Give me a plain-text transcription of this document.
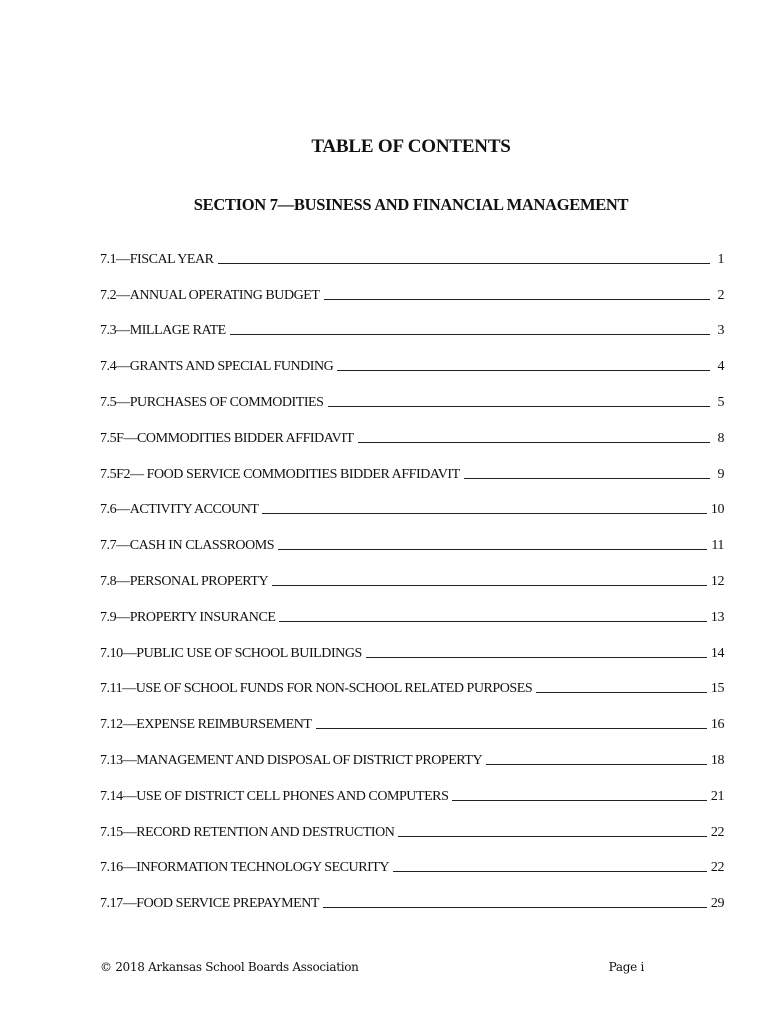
TABLE OF CONTENTS
SECTION 7—BUSINESS AND FINANCIAL MANAGEMENT
7.1—FISCAL YEAR	1
7.2—ANNUAL OPERATING BUDGET	2
7.3—MILLAGE RATE	3
7.4—GRANTS AND SPECIAL FUNDING	4
7.5—PURCHASES OF COMMODITIES	5
7.5F—COMMODITIES BIDDER AFFIDAVIT	8
7.5F2— FOOD SERVICE COMMODITIES BIDDER AFFIDAVIT	9
7.6—ACTIVITY ACCOUNT	10
7.7—CASH IN CLASSROOMS	11
7.8—PERSONAL PROPERTY	12
7.9—PROPERTY INSURANCE	13
7.10—PUBLIC USE OF SCHOOL BUILDINGS	14
7.11—USE OF SCHOOL FUNDS FOR NON-SCHOOL RELATED PURPOSES	15
7.12—EXPENSE REIMBURSEMENT	16
7.13—MANAGEMENT AND DISPOSAL OF DISTRICT PROPERTY	18
7.14—USE OF DISTRICT CELL PHONES AND COMPUTERS	21
7.15—RECORD RETENTION AND DESTRUCTION	22
7.16—INFORMATION TECHNOLOGY SECURITY	22
7.17—FOOD SERVICE PREPAYMENT	29
© 2018 Arkansas School Boards Association	Page i
